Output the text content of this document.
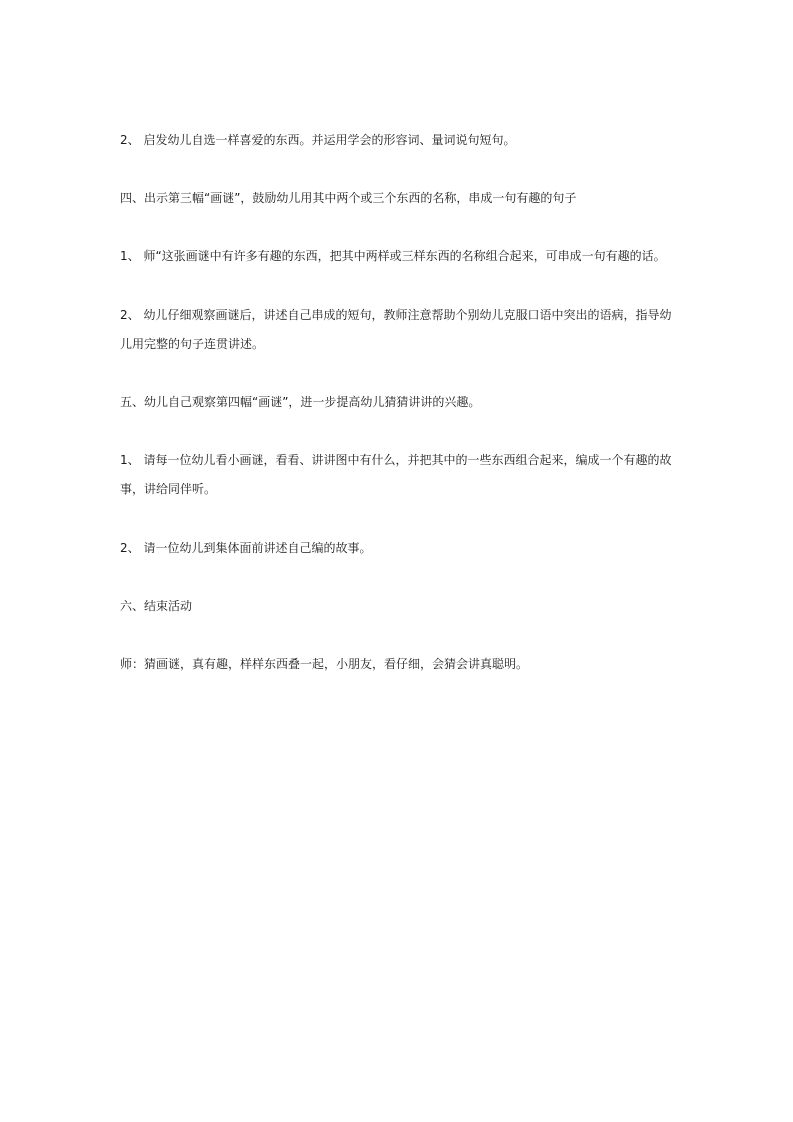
2、 启发幼儿自选一样喜爱的东西。并运用学会的形容词、量词说句短句。

四、出示第三幅“画谜”，鼓励幼儿用其中两个或三个东西的名称，串成一句有趣的句子

1、 师“这张画谜中有许多有趣的东西，把其中两样或三样东西的名称组合起来，可串成一句有趣的话。

2、 幼儿仔细观察画谜后，讲述自己串成的短句，教师注意帮助个别幼儿克服口语中突出的语病，指导幼儿用完整的句子连贯讲述。

五、幼儿自己观察第四幅“画谜”，进一步提高幼儿猜猜讲讲的兴趣。

1、 请每一位幼儿看小画谜，看看、讲讲图中有什么，并把其中的一些东西组合起来，编成一个有趣的故事，讲给同伴听。

2、 请一位幼儿到集体面前讲述自己编的故事。

六、结束活动

师：猜画谜，真有趣，样样东西叠一起，小朋友，看仔细，会猜会讲真聪明。
